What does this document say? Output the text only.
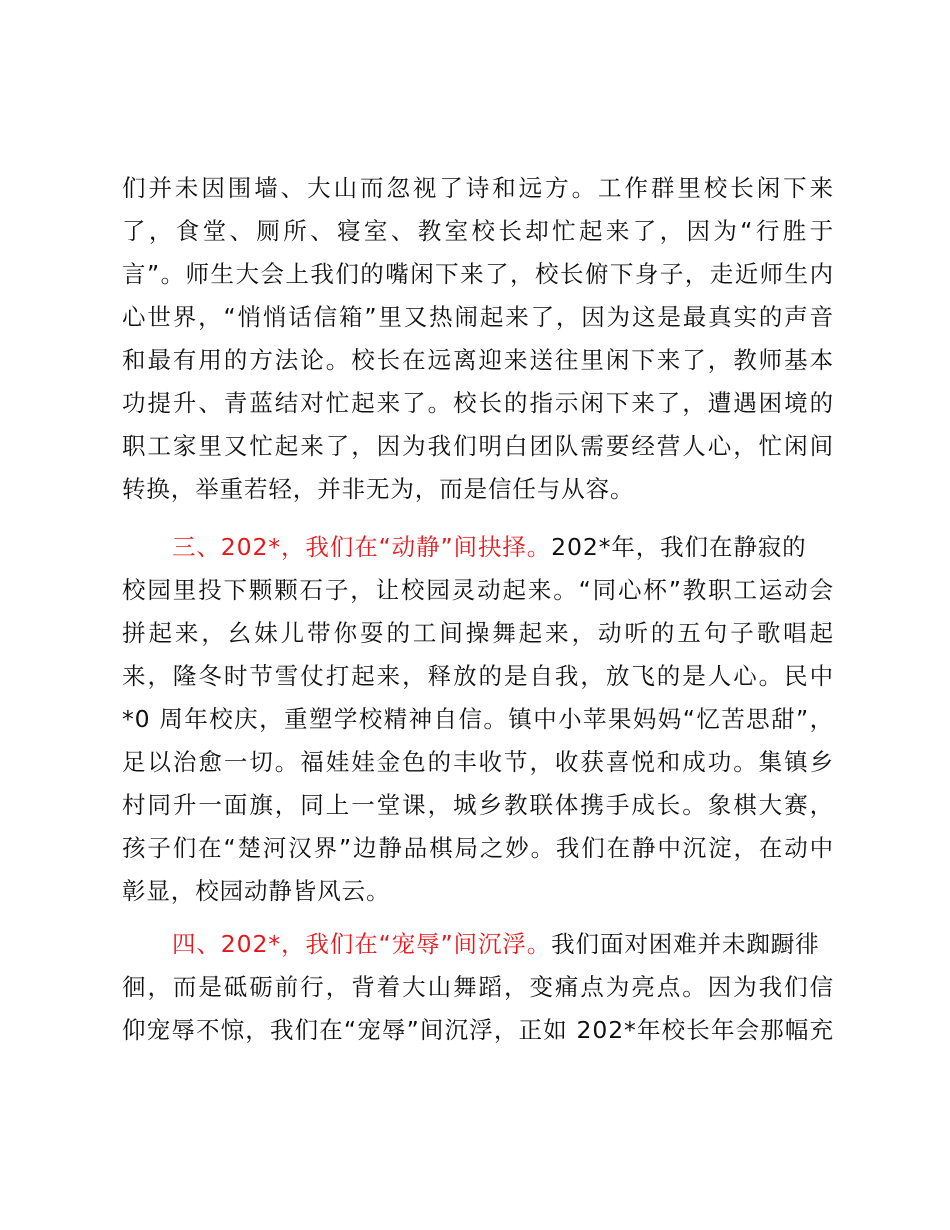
们并未因围墙、大山而忽视了诗和远方。工作群里校长闲下来
了，食堂、厕所、寝室、教室校长却忙起来了，因为“行胜于
言”。师生大会上我们的嘴闲下来了，校长俯下身子，走近师生内
心世界，“悄悄话信箱”里又热闹起来了，因为这是最真实的声音
和最有用的方法论。校长在远离迎来送往里闲下来了，教师基本
功提升、青蓝结对忙起来了。校长的指示闲下来了，遭遇困境的
职工家里又忙起来了，因为我们明白团队需要经营人心，忙闲间
转换，举重若轻，并非无为，而是信任与从容。
三、202*，我们在“动静”间抉择。202*年，我们在静寂的
校园里投下颗颗石子，让校园灵动起来。“同心杯”教职工运动会
拼起来，幺妹儿带你耍的工间操舞起来，动听的五句子歌唱起
来，隆冬时节雪仗打起来，释放的是自我，放飞的是人心。民中
*0 周年校庆，重塑学校精神自信。镇中小苹果妈妈“忆苦思甜”，
足以治愈一切。福娃娃金色的丰收节，收获喜悦和成功。集镇乡
村同升一面旗，同上一堂课，城乡教联体携手成长。象棋大赛，
孩子们在“楚河汉界”边静品棋局之妙。我们在静中沉淀，在动中
彰显，校园动静皆风云。
四、202*，我们在“宠辱”间沉浮。我们面对困难并未踟蹰徘
徊，而是砥砺前行，背着大山舞蹈，变痛点为亮点。因为我们信
仰宠辱不惊，我们在“宠辱”间沉浮，正如 202*年校长年会那幅充
